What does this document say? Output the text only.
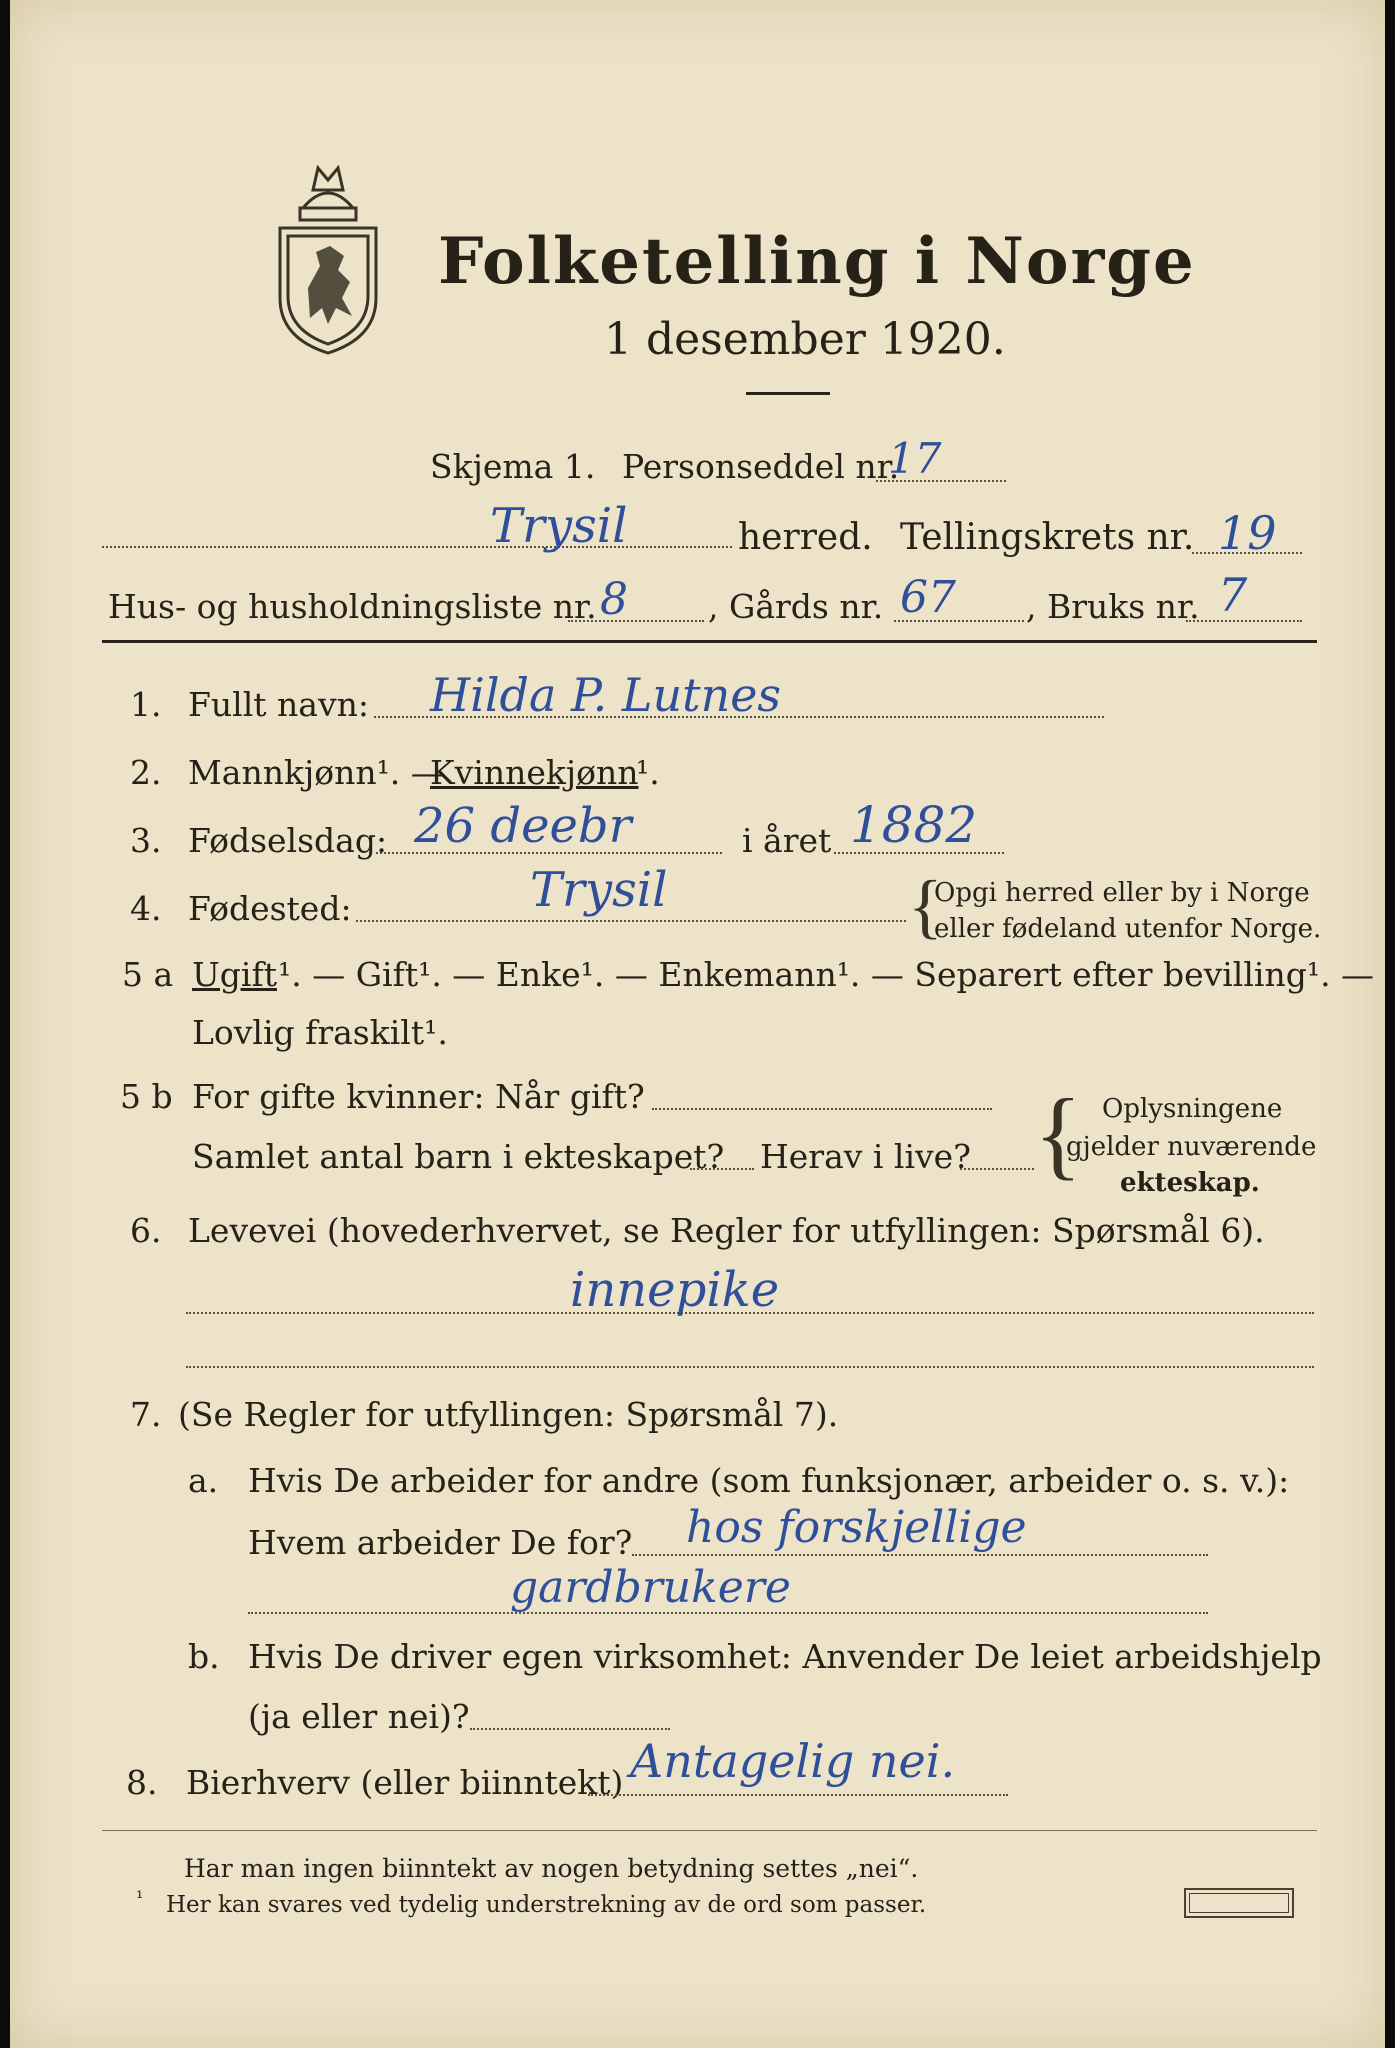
Folketelling i Norge
1 desember 1920.
Skjema 1. Personseddel nr.
17
Trysil	herred. Tellingskrets nr. 19
Hus- og husholdningsliste nr. 8 , Gårds nr. 67 , Bruks nr. 7
1. Fullt navn: Hilda P. Lutnes
2. Mannkjønn¹. —
Kvinnekjønn
¹.
3. Fødselsdag: 26 deebr	i året 1882
4. Fødested:	Trysil	{
Opgi herred eller by i Norge
eller fødeland utenfor Norge.
5 a Ugift ¹. — Gift¹. — Enke¹. — Enkemann¹. — Separert efter bevilling¹. —
Lovlig fraskilt¹.
5 b For gifte kvinner: Når gift?
Samlet antal barn i ekteskapet? Herav i live? { Oplysningene
gjelder nuværende
ekteskap.
6. Levevei (hovederhvervet, se Regler for utfyllingen: Spørsmål 6).
innepike
7. (Se Regler for utfyllingen: Spørsmål 7).
a. Hvis De arbeider for andre (som funksjonær, arbeider o. s. v.):
Hvem arbeider De for? hos forskjellige
gardbrukere
b. Hvis De driver egen virksomhet: Anvender De leiet arbeidshjelp
(ja eller nei)?
8. Bierhverv (eller biinntekt) Antagelig nei.
Har man ingen biinntekt av nogen betydning settes „nei“.
¹ Her kan svares ved tydelig understrekning av de ord som passer.
